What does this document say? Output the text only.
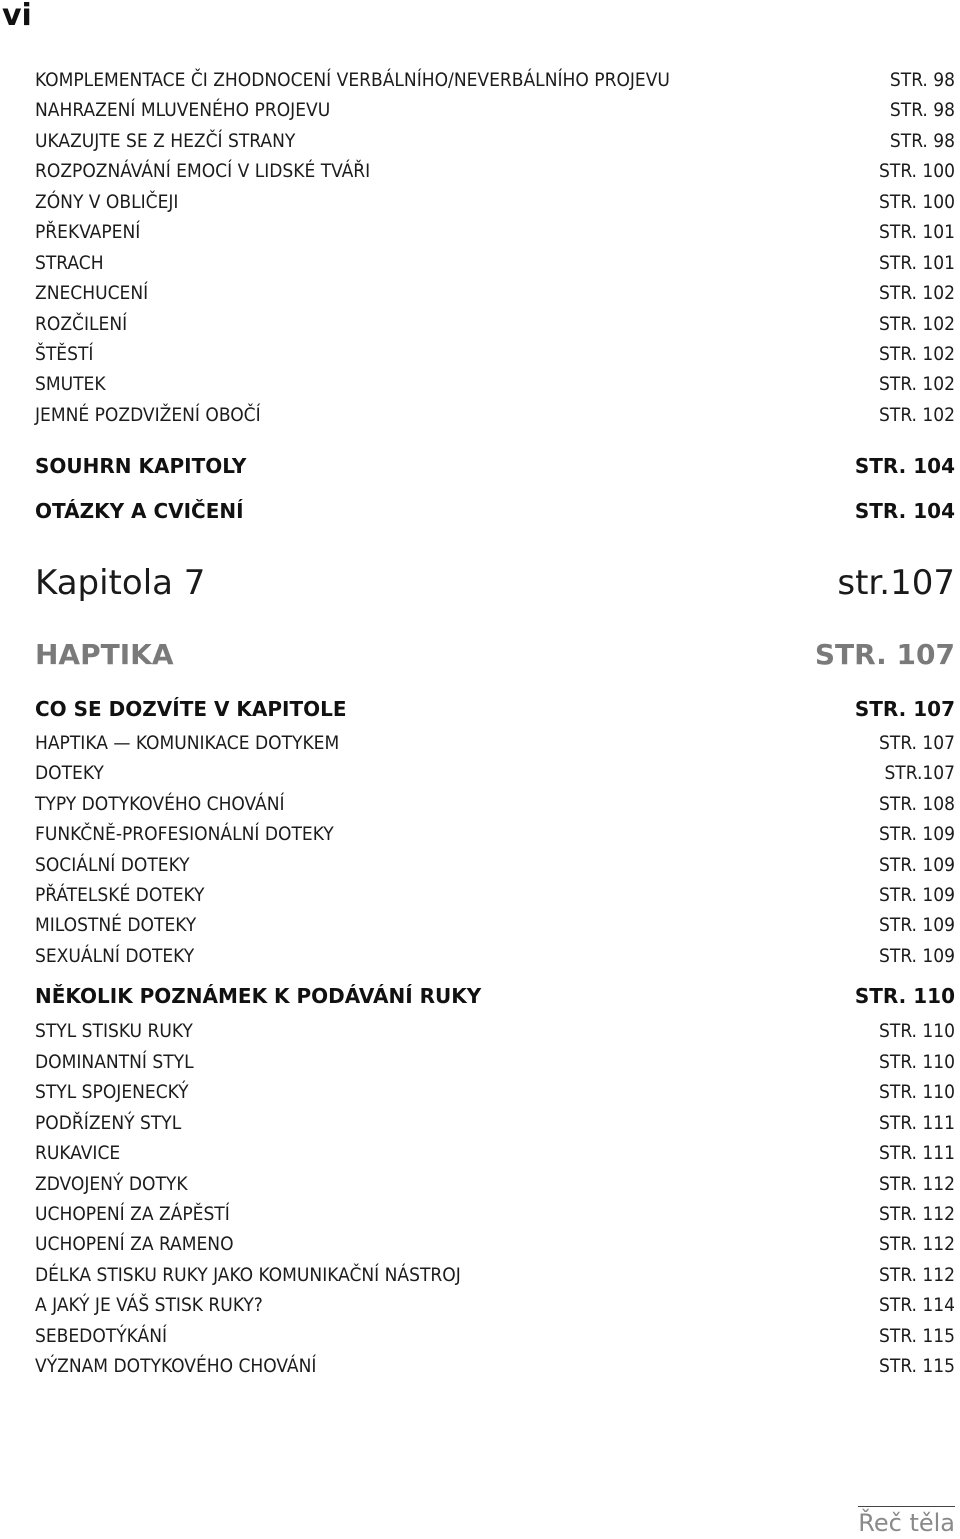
vi
KOMPLEMENTACE ČI ZHODNOCENÍ VERBÁLNÍHO/NEVERBÁLNÍHO PROJEVU	STR. 98
NAHRAZENÍ MLUVENÉHO PROJEVU	STR. 98
UKAZUJTE SE Z HEZČÍ STRANY	STR. 98
ROZPOZNÁVÁNÍ EMOCÍ V LIDSKÉ TVÁŘI	STR. 100
ZÓNY V OBLIČEJI	STR. 100
PŘEKVAPENÍ	STR. 101
STRACH	STR. 101
ZNECHUCENÍ	STR. 102
ROZČILENÍ	STR. 102
ŠTĚSTÍ	STR. 102
SMUTEK	STR. 102
JEMNÉ POZDVIŽENÍ OBOČÍ	STR. 102
SOUHRN KAPITOLY	STR. 104
OTÁZKY A CVIČENÍ	STR. 104
Kapitola 7	str.107
HAPTIKA	STR. 107
CO SE DOZVÍTE V KAPITOLE	STR. 107
HAPTIKA — KOMUNIKACE DOTYKEM	STR. 107
DOTEKY	STR.107
TYPY DOTYKOVÉHO CHOVÁNÍ	STR. 108
FUNKČNĚ-PROFESIONÁLNÍ DOTEKY	STR. 109
SOCIÁLNÍ DOTEKY	STR. 109
PŘÁTELSKÉ DOTEKY	STR. 109
MILOSTNÉ DOTEKY	STR. 109
SEXUÁLNÍ DOTEKY	STR. 109
NĚKOLIK POZNÁMEK K PODÁVÁNÍ RUKY	STR. 110
STYL STISKU RUKY	STR. 110
DOMINANTNÍ STYL	STR. 110
STYL SPOJENECKÝ	STR. 110
PODŘÍZENÝ STYL	STR. 111
RUKAVICE	STR. 111
ZDVOJENÝ DOTYK	STR. 112
UCHOPENÍ ZA ZÁPĚSTÍ	STR. 112
UCHOPENÍ ZA RAMENO	STR. 112
DÉLKA STISKU RUKY JAKO KOMUNIKAČNÍ NÁSTROJ	STR. 112
A JAKÝ JE VÁŠ STISK RUKY?	STR. 114
SEBEDOTÝKÁNÍ	STR. 115
VÝZNAM DOTYKOVÉHO CHOVÁNÍ	STR. 115
Řeč těla
